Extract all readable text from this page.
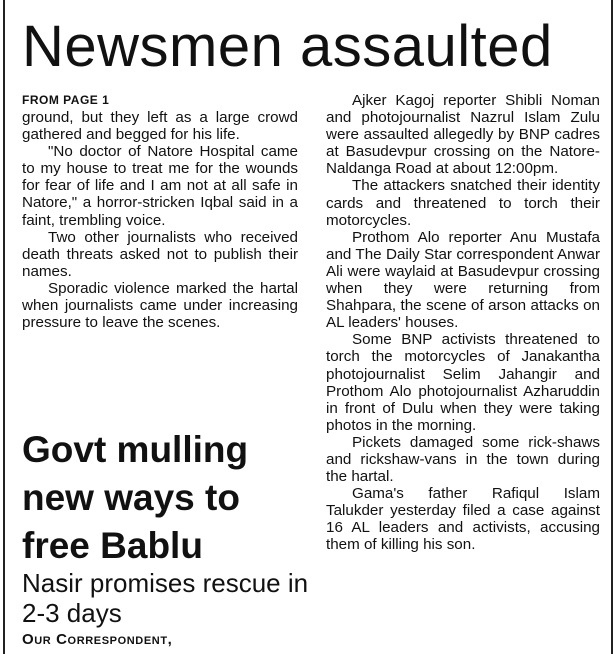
Newsmen assaulted
FROM PAGE 1

ground, but they left as a large crowd gathered and begged for his life.

"No doctor of Natore Hospital came to my house to treat me for the wounds for fear of life and I am not at all safe in Natore," a horror-stricken Iqbal said in a faint, trembling voice.

Two other journalists who received death threats asked not to publish their names.

Sporadic violence marked the hartal when journalists came under increasing pressure to leave the scenes.

Ajker Kagoj reporter Shibli Noman and photojournalist Nazrul Islam Zulu were assaulted allegedly by BNP cadres at Basudevpur crossing on the Natore-Naldanga Road at about 12:00pm.

The attackers snatched their identity cards and threatened to torch their motorcycles.

Prothom Alo reporter Anu Mustafa and The Daily Star correspondent Anwar Ali were waylaid at Basudevpur crossing when they were returning from Shahpara, the scene of arson attacks on AL leaders' houses.

Some BNP activists threatened to torch the motorcycles of Janakantha photojournalist Selim Jahangir and Prothom Alo photojournalist Azharuddin in front of Dulu when they were taking photos in the morning.

Pickets damaged some rick-shaws and rickshaw-vans in the town during the hartal.

Gama's father Rafiqul Islam Talukder yesterday filed a case against 16 AL leaders and activists, accusing them of killing his son.

Govt mulling new ways to free Bablu

Nasir promises rescue in 2-3 days

Our Correspondent,
